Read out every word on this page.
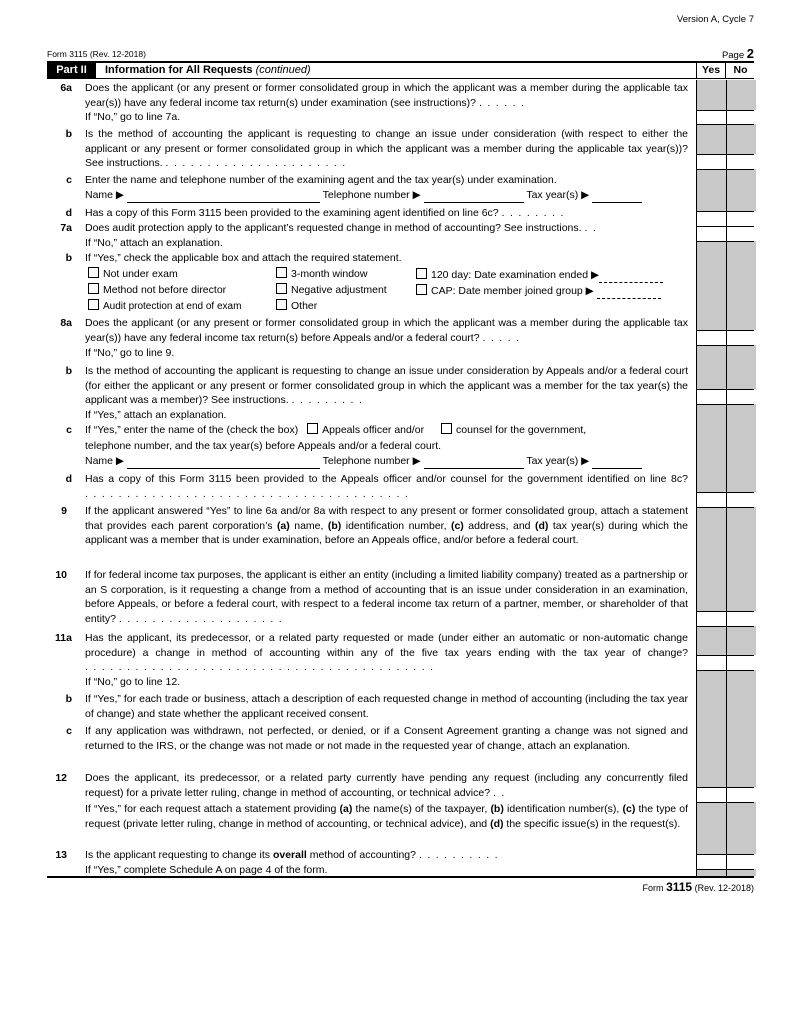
Version A, Cycle 7
Form 3115 (Rev. 12-2018)	Page 2
Part II	Information for All Requests (continued)	Yes	No
6a Does the applicant (or any present or former consolidated group in which the applicant was a member during the applicable tax year(s)) have any federal income tax return(s) under examination (see instructions)? ......
If “No,” go to line 7a.
b Is the method of accounting the applicant is requesting to change an issue under consideration (with respect to either the applicant or any present or former consolidated group in which the applicant was a member during the applicable tax year(s))? See instructions. ......................
c Enter the name and telephone number of the examining agent and the tax year(s) under examination.
Name ▶	Telephone number ▶	Tax year(s) ▶
d Has a copy of this Form 3115 been provided to the examining agent identified on line 6c? ........
7a Does audit protection apply to the applicant’s requested change in method of accounting? See instructions. ..
If “No,” attach an explanation.
b If “Yes,” check the applicable box and attach the required statement.
Not under exam	3-month window	120 day: Date examination ended ▶
Method not before director	Negative adjustment	CAP: Date member joined group ▶
Audit protection at end of exam	Other
8a Does the applicant (or any present or former consolidated group in which the applicant was a member during the applicable tax year(s)) have any federal income tax return(s) before Appeals and/or a federal court? .....
If “No,” go to line 9.
b Is the method of accounting the applicant is requesting to change an issue under consideration by Appeals and/or a federal court (for either the applicant or any present or former consolidated group in which the applicant was a member for the tax year(s) the applicant was a member)? See instructions. .........
If “Yes,” attach an explanation.
c If “Yes,” enter the name of the (check the box) Appeals officer and/or	counsel for the government,
telephone number, and the tax year(s) before Appeals and/or a federal court.
Name ▶	Telephone number ▶	Tax year(s) ▶
d Has a copy of this Form 3115 been provided to the Appeals officer and/or counsel for the government identified on line 8c? .......................................
9 If the applicant answered “Yes” to line 6a and/or 8a with respect to any present or former consolidated group, attach a statement that provides each parent corporation’s (a) name, (b) identification number, (c) address, and (d) tax year(s) during which the applicant was a member that is under examination, before an Appeals office, and/or before a federal court.
10 If for federal income tax purposes, the applicant is either an entity (including a limited liability company) treated as a partnership or an S corporation, is it requesting a change from a method of accounting that is an issue under consideration in an examination, before Appeals, or before a federal court, with respect to a federal income tax return of a partner, member, or shareholder of that entity? ....................
11a Has the applicant, its predecessor, or a related party requested or made (under either an automatic or non-automatic change procedure) a change in method of accounting within any of the five tax years ending with the tax year of change? ..........................................
If “No,” go to line 12.
b If “Yes,” for each trade or business, attach a description of each requested change in method of accounting (including the tax year of change) and state whether the applicant received consent.
c If any application was withdrawn, not perfected, or denied, or if a Consent Agreement granting a change was not signed and returned to the IRS, or the change was not made or not made in the requested year of change, attach an explanation.
12 Does the applicant, its predecessor, or a related party currently have pending any request (including any concurrently filed request) for a private letter ruling, change in method of accounting, or technical advice? ..
If “Yes,” for each request attach a statement providing (a) the name(s) of the taxpayer, (b) identification number(s), (c) the type of request (private letter ruling, change in method of accounting, or technical advice), and (d) the specific issue(s) in the request(s).
13 Is the applicant requesting to change its overall method of accounting? ..........
If “Yes,” complete Schedule A on page 4 of the form.
Form 3115 (Rev. 12-2018)
